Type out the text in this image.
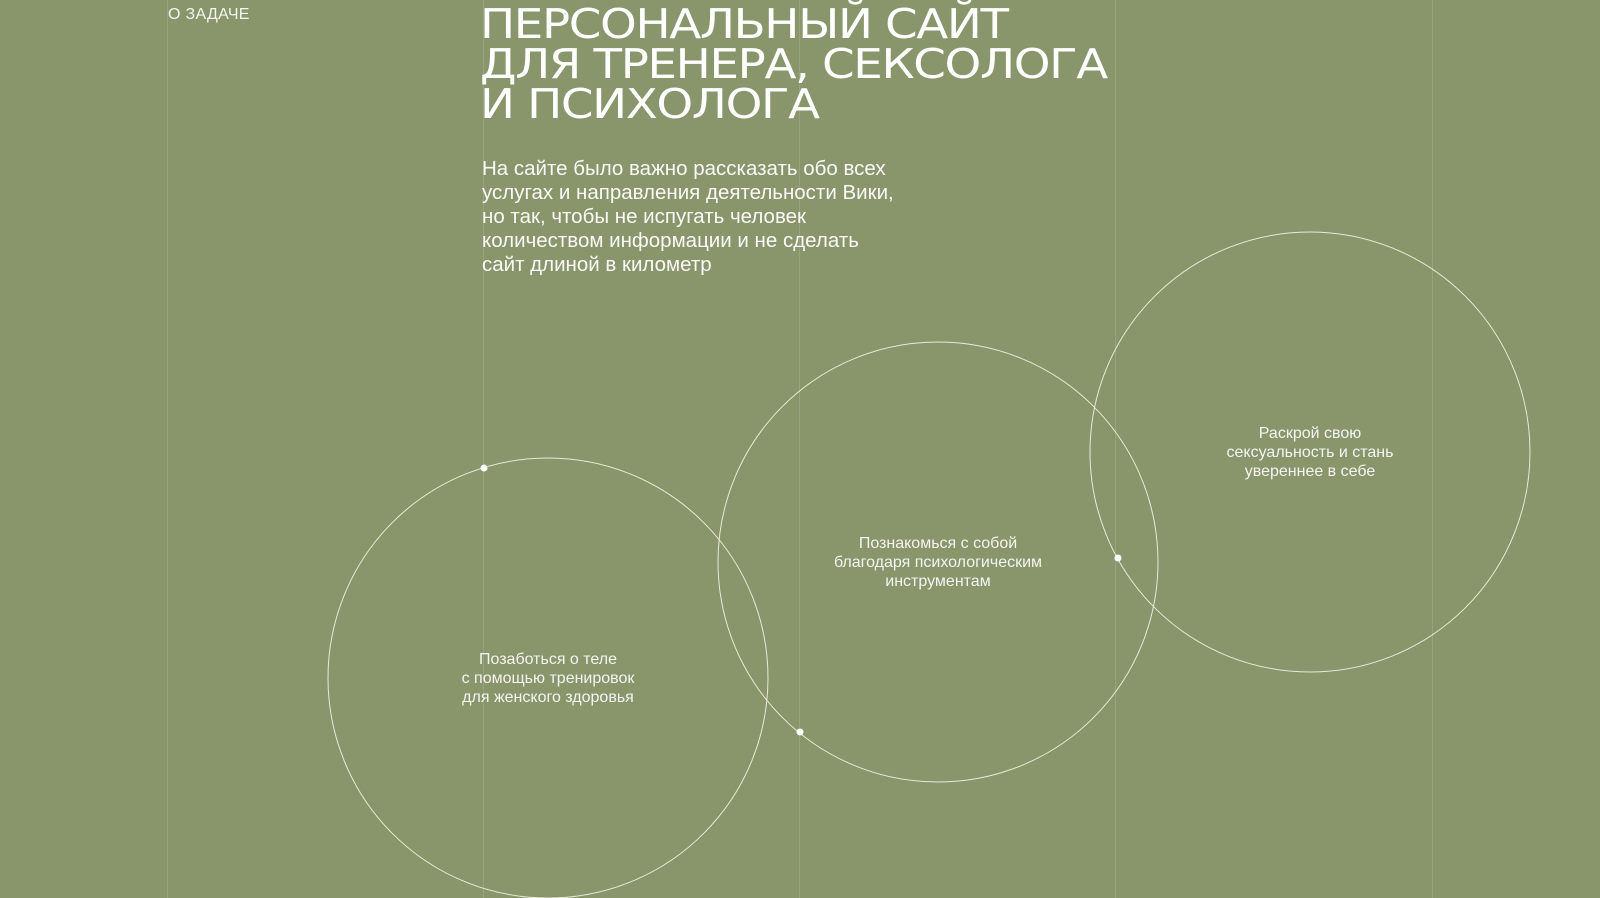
О ЗАДАЧЕ	ПЕРСОНАЛЬНЫЙ САЙТ
ДЛЯ ТРЕНЕРА, СЕКСОЛОГА
И ПСИХОЛОГА

На сайте было важно рассказать обо всех
услугах и направления деятельности Вики,
но так, чтобы не испугать человек
количеством информации и не сделать
сайт длиной в километр

Позаботься о теле
с помощью тренировок
для женского здоровья

Познакомься с собой
благодаря психологическим
инструментам

Раскрой свою
сексуальность и стань
увереннее в себе
